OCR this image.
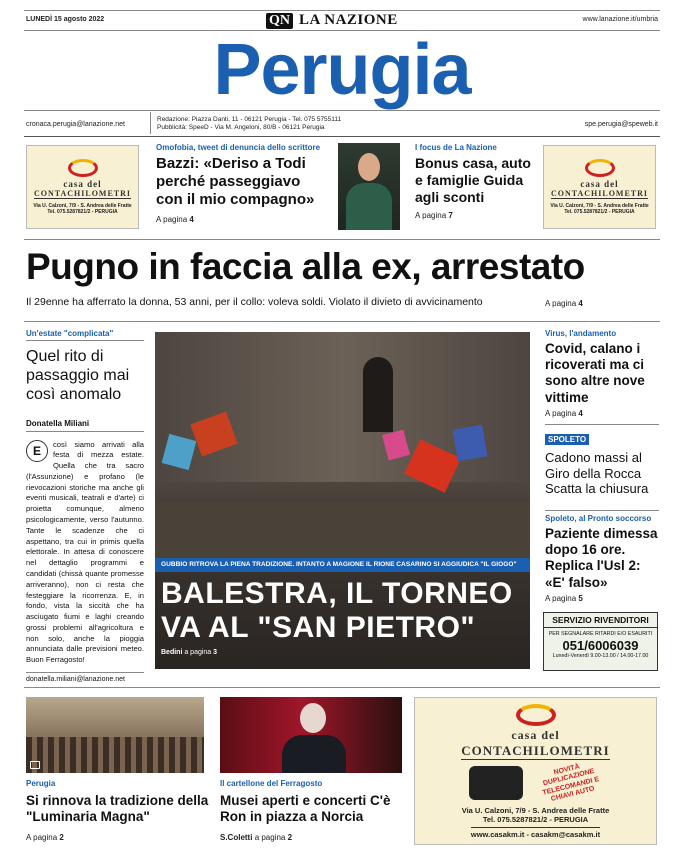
LUNEDÌ 15 agosto 2022	QN LA NAZIONE	www.lanazione.it/umbria
Perugia
cronaca.perugia@lanazione.net
Redazione: Piazza Danti, 11 - 06121 Perugia - Tel. 075 5755111
Pubblicità: SpeeD - Via M. Angeloni, 80/B - 06121 Perugia	spe.perugia@speweb.it
casa del
CONTACHILOMETRI
Via U. Calzoni, 7/9 - S. Andrea delle Fratte
Tel. 075.5287821/2 - PERUGIA
Omofobia, tweet di denuncia dello scrittore
Bazzi: «Deriso a Todi perché passeggiavo con il mio compagno»
A pagina 4
I focus de La Nazione
Bonus casa, auto e famiglie Guida agli sconti
A pagina 7
casa del
CONTACHILOMETRI
Via U. Calzoni, 7/9 - S. Andrea delle Fratte
Tel. 075.5287821/2 - PERUGIA
Pugno in faccia alla ex, arrestato
Il 29enne ha afferrato la donna, 53 anni, per il collo: voleva soldi. Violato il divieto di avvicinamento	A pagina 4
Un'estate "complicata"
Quel rito di passaggio mai così anomalo
Donatella Miliani
E	così siamo arrivati alla festa di mezza estate. Quella che tra sacro (l'Assunzione) e profano (le rievocazioni storiche ma anche gli eventi musicali, teatrali e d'arte) ci proietta comunque, almeno psicologicamente, verso l'autunno. Tante le scadenze che ci aspettano, tra cui in primis quella elettorale. In attesa di conoscere nel dettaglio programmi e candidati (chissà quante promesse arriveranno), non ci resta che festeggiare la ricorrenza. E, in fondo, vista la siccità che ha asciugato fiumi e laghi creando grossi problemi all'agricoltura e non solo, anche la pioggia annunciata dalle previsioni meteo. Buon Ferragosto!
donatella.miliani@lanazione.net
GUBBIO RITROVA LA PIENA TRADIZIONE. INTANTO A MAGIONE IL RIONE CASARINO SI AGGIUDICA "IL GIOGO"
BALESTRA, IL TORNEO VA AL "SAN PIETRO"
Bedini a pagina 3
Virus, l'andamento
Covid, calano i ricoverati ma ci sono altre nove vittime
A pagina 4
SPOLETO
Cadono massi al Giro della Rocca Scatta la chiusura
Spoleto, al Pronto soccorso
Paziente dimessa dopo 16 ore. Replica l'Usl 2: «E' falso»
A pagina 5
SERVIZIO RIVENDITORI
PER SEGNALARE RITARDI E/O ESAURITI
051/6006039
Lunedì-Venerdì 9.00-13.00 / 14.00-17.00
Perugia
Si rinnova la tradizione della "Luminaria Magna"
A pagina 2
Il cartellone del Ferragosto
Musei aperti e concerti C'è Ron in piazza a Norcia
S.Coletti a pagina 2
casa del
CONTACHILOMETRI
NOVITÀ DUPLICAZIONE TELECOMANDI E CHIAVI AUTO
Via U. Calzoni, 7/9 - S. Andrea delle Fratte
Tel. 075.5287821/2 - PERUGIA
www.casakm.it - casakm@casakm.it
